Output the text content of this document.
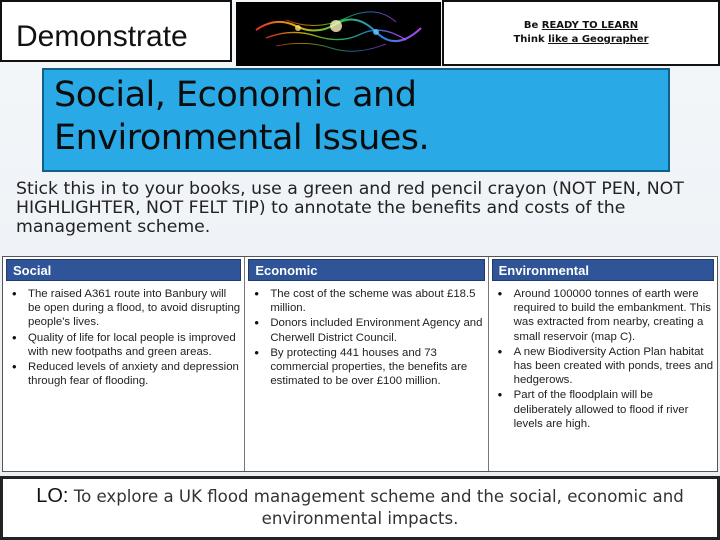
Demonstrate	Be READY TO LEARN
Think like a Geographer
Social, Economic and
Environmental Issues.
Stick this in to your books, use a green and red pencil crayon (NOT PEN, NOT HIGHLIGHTER, NOT FELT TIP) to annotate the benefits and costs of the management scheme.
Social
• The raised A361 route into Banbury will be open during a flood, to avoid disrupting people's lives.
• Quality of life for local people is improved with new footpaths and green areas.
• Reduced levels of anxiety and depression through fear of flooding.
Economic
• The cost of the scheme was about £18.5 million.
• Donors included Environment Agency and Cherwell District Council.
• By protecting 441 houses and 73 commercial properties, the benefits are estimated to be over £100 million.
Environmental
• Around 100000 tonnes of earth were required to build the embankment. This was extracted from nearby, creating a small reservoir (map C).
• A new Biodiversity Action Plan habitat has been created with ponds, trees and hedgerows.
• Part of the floodplain will be deliberately allowed to flood if river levels are high.
LO: To explore a UK flood management scheme and the social, economic and environmental impacts.
